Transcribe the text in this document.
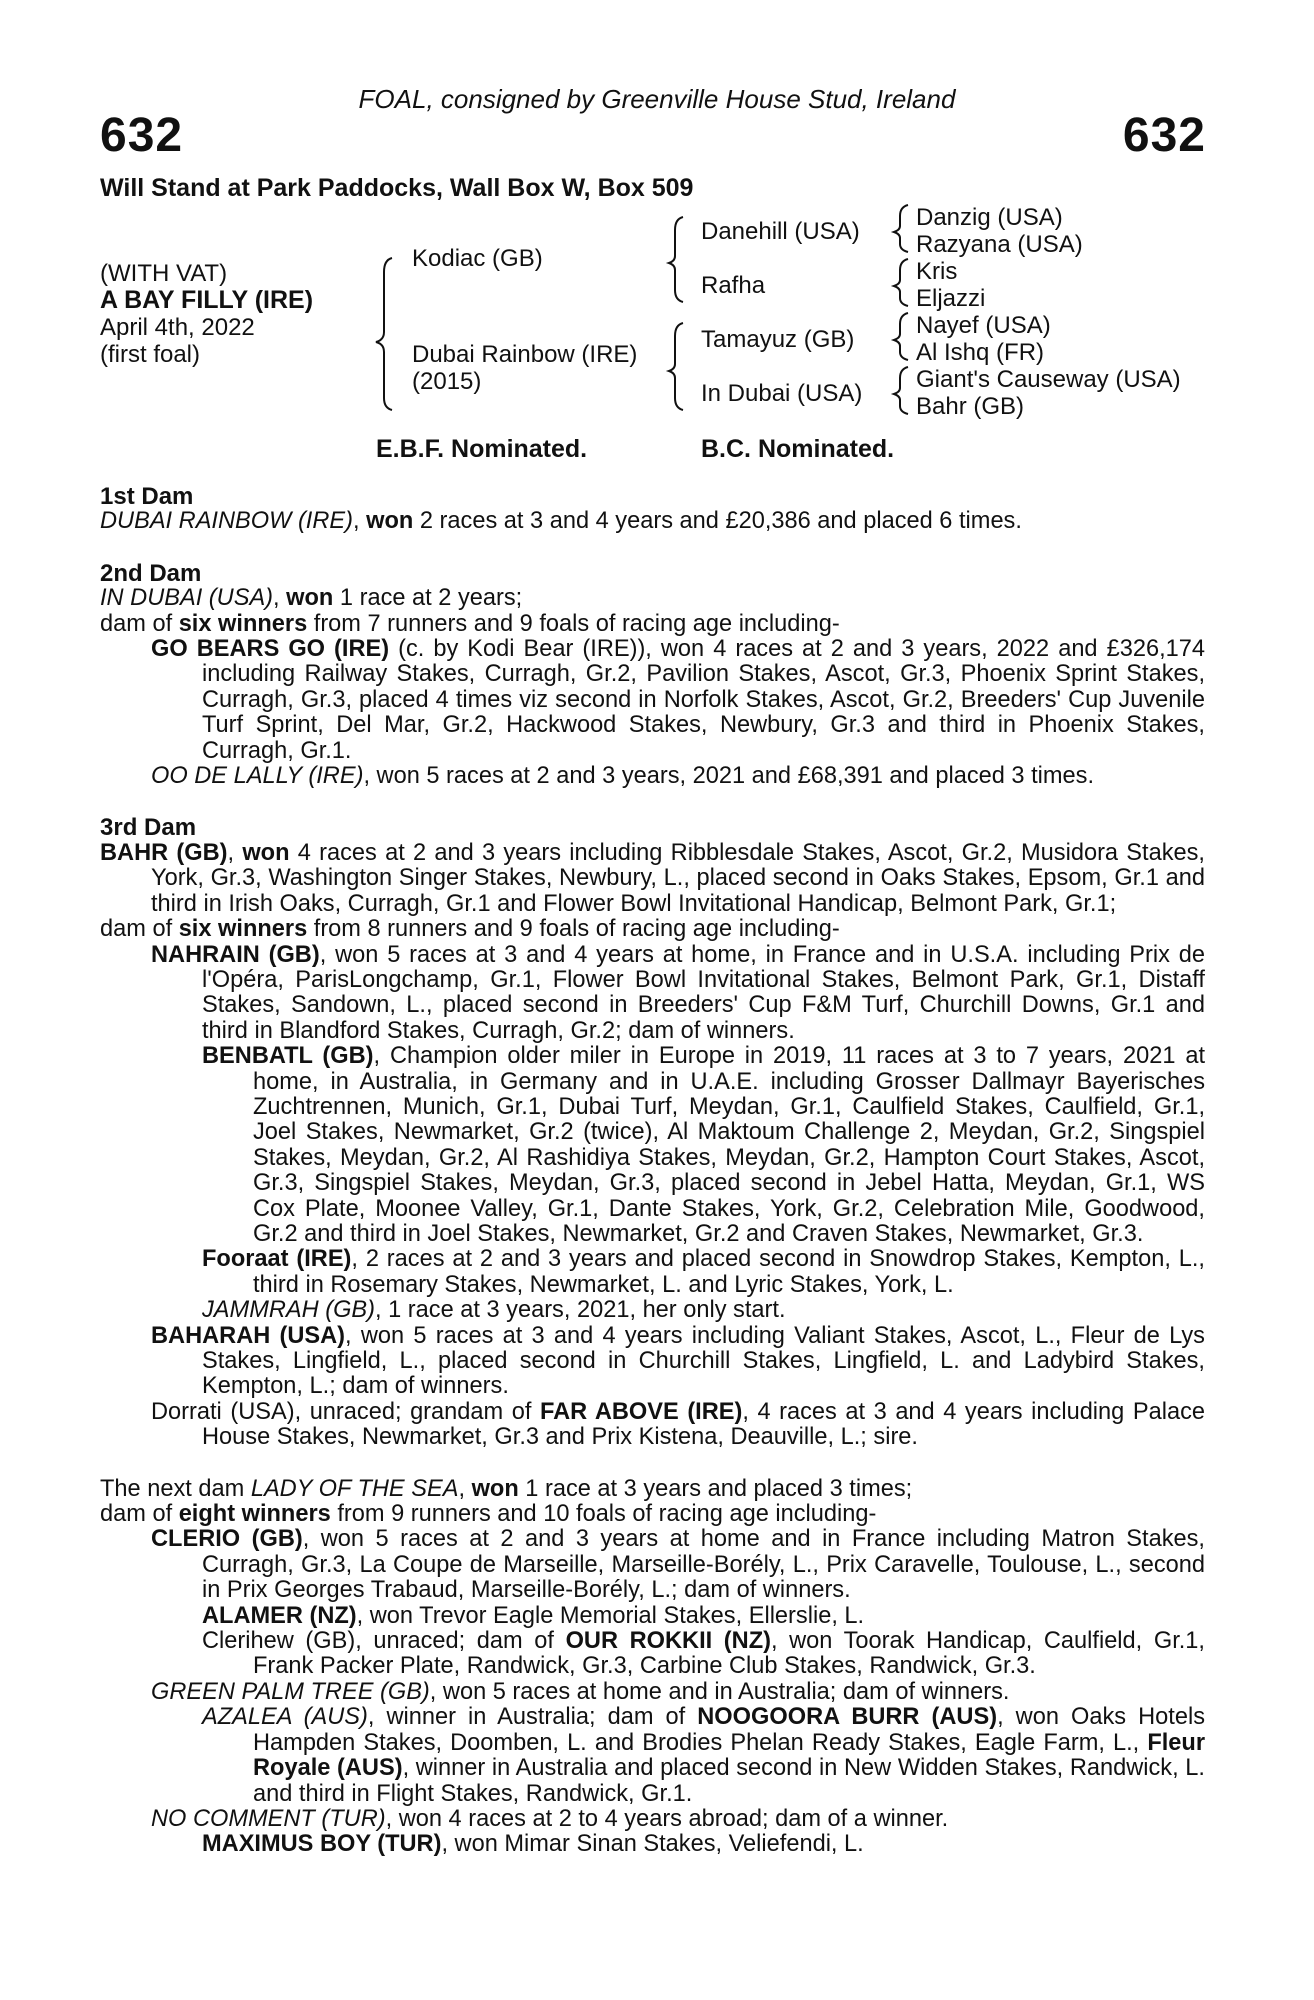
FOAL, consigned by Greenville House Stud, Ireland
632	632
Will Stand at Park Paddocks, Wall Box W, Box 509
(WITH VAT)
A BAY FILLY (IRE)
April 4th, 2022
(first foal)
Kodiac (GB)
Dubai Rainbow (IRE)
(2015)
Danehill (USA)
Rafha
Tamayuz (GB)
In Dubai (USA)
Danzig (USA)
Razyana (USA)
Kris
Eljazzi
Nayef (USA)
Al Ishq (FR)
Giant's Causeway (USA)
Bahr (GB)
E.B.F. Nominated.	B.C. Nominated.
1st Dam

DUBAI RAINBOW (IRE), won 2 races at 3 and 4 years and £20,386 and placed 6 times.

2nd Dam

IN DUBAI (USA), won 1 race at 2 years;

dam of six winners from 7 runners and 9 foals of racing age including-

GO BEARS GO (IRE) (c. by Kodi Bear (IRE)), won 4 races at 2 and 3 years, 2022 and £326,174 including Railway Stakes, Curragh, Gr.2, Pavilion Stakes, Ascot, Gr.3, Phoenix Sprint Stakes, Curragh, Gr.3, placed 4 times viz second in Norfolk Stakes, Ascot, Gr.2, Breeders' Cup Juvenile Turf Sprint, Del Mar, Gr.2, Hackwood Stakes, Newbury, Gr.3 and third in Phoenix Stakes, Curragh, Gr.1.

OO DE LALLY (IRE), won 5 races at 2 and 3 years, 2021 and £68,391 and placed 3 times.

3rd Dam

BAHR (GB), won 4 races at 2 and 3 years including Ribblesdale Stakes, Ascot, Gr.2, Musidora Stakes, York, Gr.3, Washington Singer Stakes, Newbury, L., placed second in Oaks Stakes, Epsom, Gr.1 and third in Irish Oaks, Curragh, Gr.1 and Flower Bowl Invitational Handicap, Belmont Park, Gr.1;

dam of six winners from 8 runners and 9 foals of racing age including-

NAHRAIN (GB), won 5 races at 3 and 4 years at home, in France and in U.S.A. including Prix de l'Opéra, ParisLongchamp, Gr.1, Flower Bowl Invitational Stakes, Belmont Park, Gr.1, Distaff Stakes, Sandown, L., placed second in Breeders' Cup F&M Turf, Churchill Downs, Gr.1 and third in Blandford Stakes, Curragh, Gr.2; dam of winners.

BENBATL (GB), Champion older miler in Europe in 2019, 11 races at 3 to 7 years, 2021 at home, in Australia, in Germany and in U.A.E. including Grosser Dallmayr Bayerisches Zuchtrennen, Munich, Gr.1, Dubai Turf, Meydan, Gr.1, Caulfield Stakes, Caulfield, Gr.1, Joel Stakes, Newmarket, Gr.2 (twice), Al Maktoum Challenge 2, Meydan, Gr.2, Singspiel Stakes, Meydan, Gr.2, Al Rashidiya Stakes, Meydan, Gr.2, Hampton Court Stakes, Ascot, Gr.3, Singspiel Stakes, Meydan, Gr.3, placed second in Jebel Hatta, Meydan, Gr.1, WS Cox Plate, Moonee Valley, Gr.1, Dante Stakes, York, Gr.2, Celebration Mile, Goodwood, Gr.2 and third in Joel Stakes, Newmarket, Gr.2 and Craven Stakes, Newmarket, Gr.3.

Fooraat (IRE), 2 races at 2 and 3 years and placed second in Snowdrop Stakes, Kempton, L., third in Rosemary Stakes, Newmarket, L. and Lyric Stakes, York, L.

JAMMRAH (GB), 1 race at 3 years, 2021, her only start.

BAHARAH (USA), won 5 races at 3 and 4 years including Valiant Stakes, Ascot, L., Fleur de Lys Stakes, Lingfield, L., placed second in Churchill Stakes, Lingfield, L. and Ladybird Stakes, Kempton, L.; dam of winners.

Dorrati (USA), unraced; grandam of FAR ABOVE (IRE), 4 races at 3 and 4 years including Palace House Stakes, Newmarket, Gr.3 and Prix Kistena, Deauville, L.; sire.

The next dam LADY OF THE SEA, won 1 race at 3 years and placed 3 times;

dam of eight winners from 9 runners and 10 foals of racing age including-

CLERIO (GB), won 5 races at 2 and 3 years at home and in France including Matron Stakes, Curragh, Gr.3, La Coupe de Marseille, Marseille-Borély, L., Prix Caravelle, Toulouse, L., second in Prix Georges Trabaud, Marseille-Borély, L.; dam of winners.

ALAMER (NZ), won Trevor Eagle Memorial Stakes, Ellerslie, L.

Clerihew (GB), unraced; dam of OUR ROKKII (NZ), won Toorak Handicap, Caulfield, Gr.1, Frank Packer Plate, Randwick, Gr.3, Carbine Club Stakes, Randwick, Gr.3.

GREEN PALM TREE (GB), won 5 races at home and in Australia; dam of winners.

AZALEA (AUS), winner in Australia; dam of NOOGOORA BURR (AUS), won Oaks Hotels Hampden Stakes, Doomben, L. and Brodies Phelan Ready Stakes, Eagle Farm, L., Fleur Royale (AUS), winner in Australia and placed second in New Widden Stakes, Randwick, L. and third in Flight Stakes, Randwick, Gr.1.

NO COMMENT (TUR), won 4 races at 2 to 4 years abroad; dam of a winner.

MAXIMUS BOY (TUR), won Mimar Sinan Stakes, Veliefendi, L.
